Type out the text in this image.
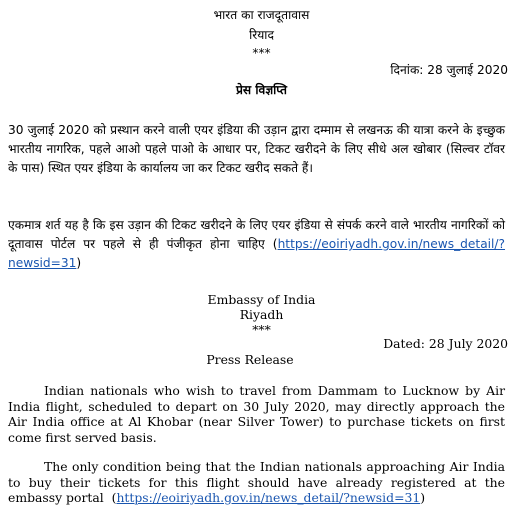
भारत का राजदूतावास
रियाद
***
दिनांक: 28 जुलाई 2020
प्रेस विज्ञप्ति
30 जुलाई 2020 को प्रस्थान करने वाली एयर इंडिया की उड़ान द्वारा दम्माम से लखनऊ की यात्रा करने के इच्छुक भारतीय नागरिक, पहले आओ पहले पाओ के आधार पर, टिकट खरीदने के लिए सीधे अल खोबार (सिल्वर टॉवर के पास) स्थित एयर इंडिया के कार्यालय जा कर टिकट खरीद सकते हैं।
एकमात्र शर्त यह है कि इस उड़ान की टिकट खरीदने के लिए एयर इंडिया से संपर्क करने वाले भारतीय नागरिकों को दूतावास पोर्टल पर पहले से ही पंजीकृत होना चाहिए (https://eoiriyadh.gov.in/news_detail/?newsid=31)
Embassy of India
Riyadh
***
Dated: 28 July 2020
Press Release
Indian nationals who wish to travel from Dammam to Lucknow by Air India flight, scheduled to depart on 30 July 2020, may directly approach the Air India office at Al Khobar (near Silver Tower) to purchase tickets on first come first served basis.
The only condition being that the Indian nationals approaching Air India to buy their tickets for this flight should have already registered at the embassy portal (https://eoiriyadh.gov.in/news_detail/?newsid=31)
